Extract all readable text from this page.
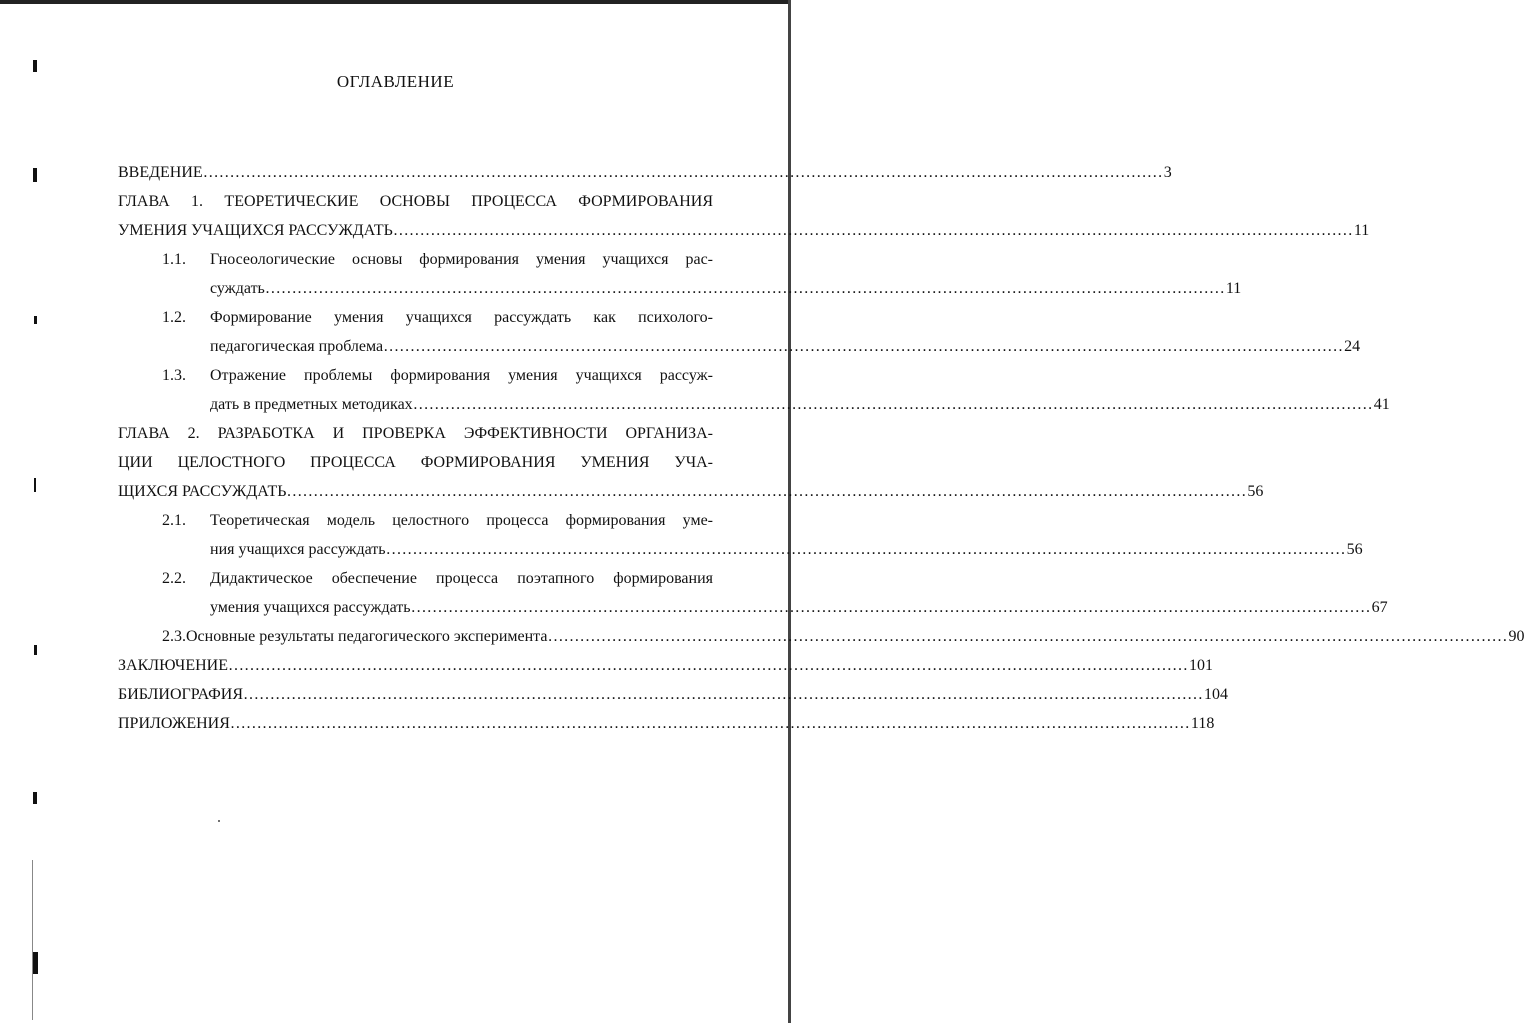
ОГЛАВЛЕНИЕ
ВВЕДЕНИЕ ………………………………………………………………………………………………………………………………………………………………	3
ГЛАВА 1. ТЕОРЕТИЧЕСКИЕ ОСНОВЫ ПРОЦЕССА ФОРМИРОВАНИЯ
УМЕНИЯ УЧАЩИХСЯ РАССУЖДАТЬ ………………………………………………………………………………………………………………………………………………………………	11
1.1.	Гносеологические основы формирования умения учащихся рас-
суждать ………………………………………………………………………………………………………………………………………………………………	11
1.2.	Формирование умения учащихся рассуждать как психолого-
педагогическая проблема ………………………………………………………………………………………………………………………………………………………………	24
1.3.	Отражение проблемы формирования умения учащихся рассуж-
дать в предметных методиках ………………………………………………………………………………………………………………………………………………………………	41
ГЛАВА 2. РАЗРАБОТКА И ПРОВЕРКА ЭФФЕКТИВНОСТИ ОРГАНИЗА-
ЦИИ ЦЕЛОСТНОГО ПРОЦЕССА ФОРМИРОВАНИЯ УМЕНИЯ УЧА-
ЩИХСЯ РАССУЖДАТЬ ………………………………………………………………………………………………………………………………………………………………	56
2.1.	Теоретическая модель целостного процесса формирования уме-
ния учащихся рассуждать ………………………………………………………………………………………………………………………………………………………………	56
2.2.	Дидактическое обеспечение процесса поэтапного формирования
умения учащихся рассуждать ………………………………………………………………………………………………………………………………………………………………	67
2.3. Основные результаты педагогического эксперимента ………………………………………………………………………………………………………………………………………………………………	90
ЗАКЛЮЧЕНИЕ ………………………………………………………………………………………………………………………………………………………………	101
БИБЛИОГРАФИЯ ………………………………………………………………………………………………………………………………………………………………	104
ПРИЛОЖЕНИЯ ………………………………………………………………………………………………………………………………………………………………	118
